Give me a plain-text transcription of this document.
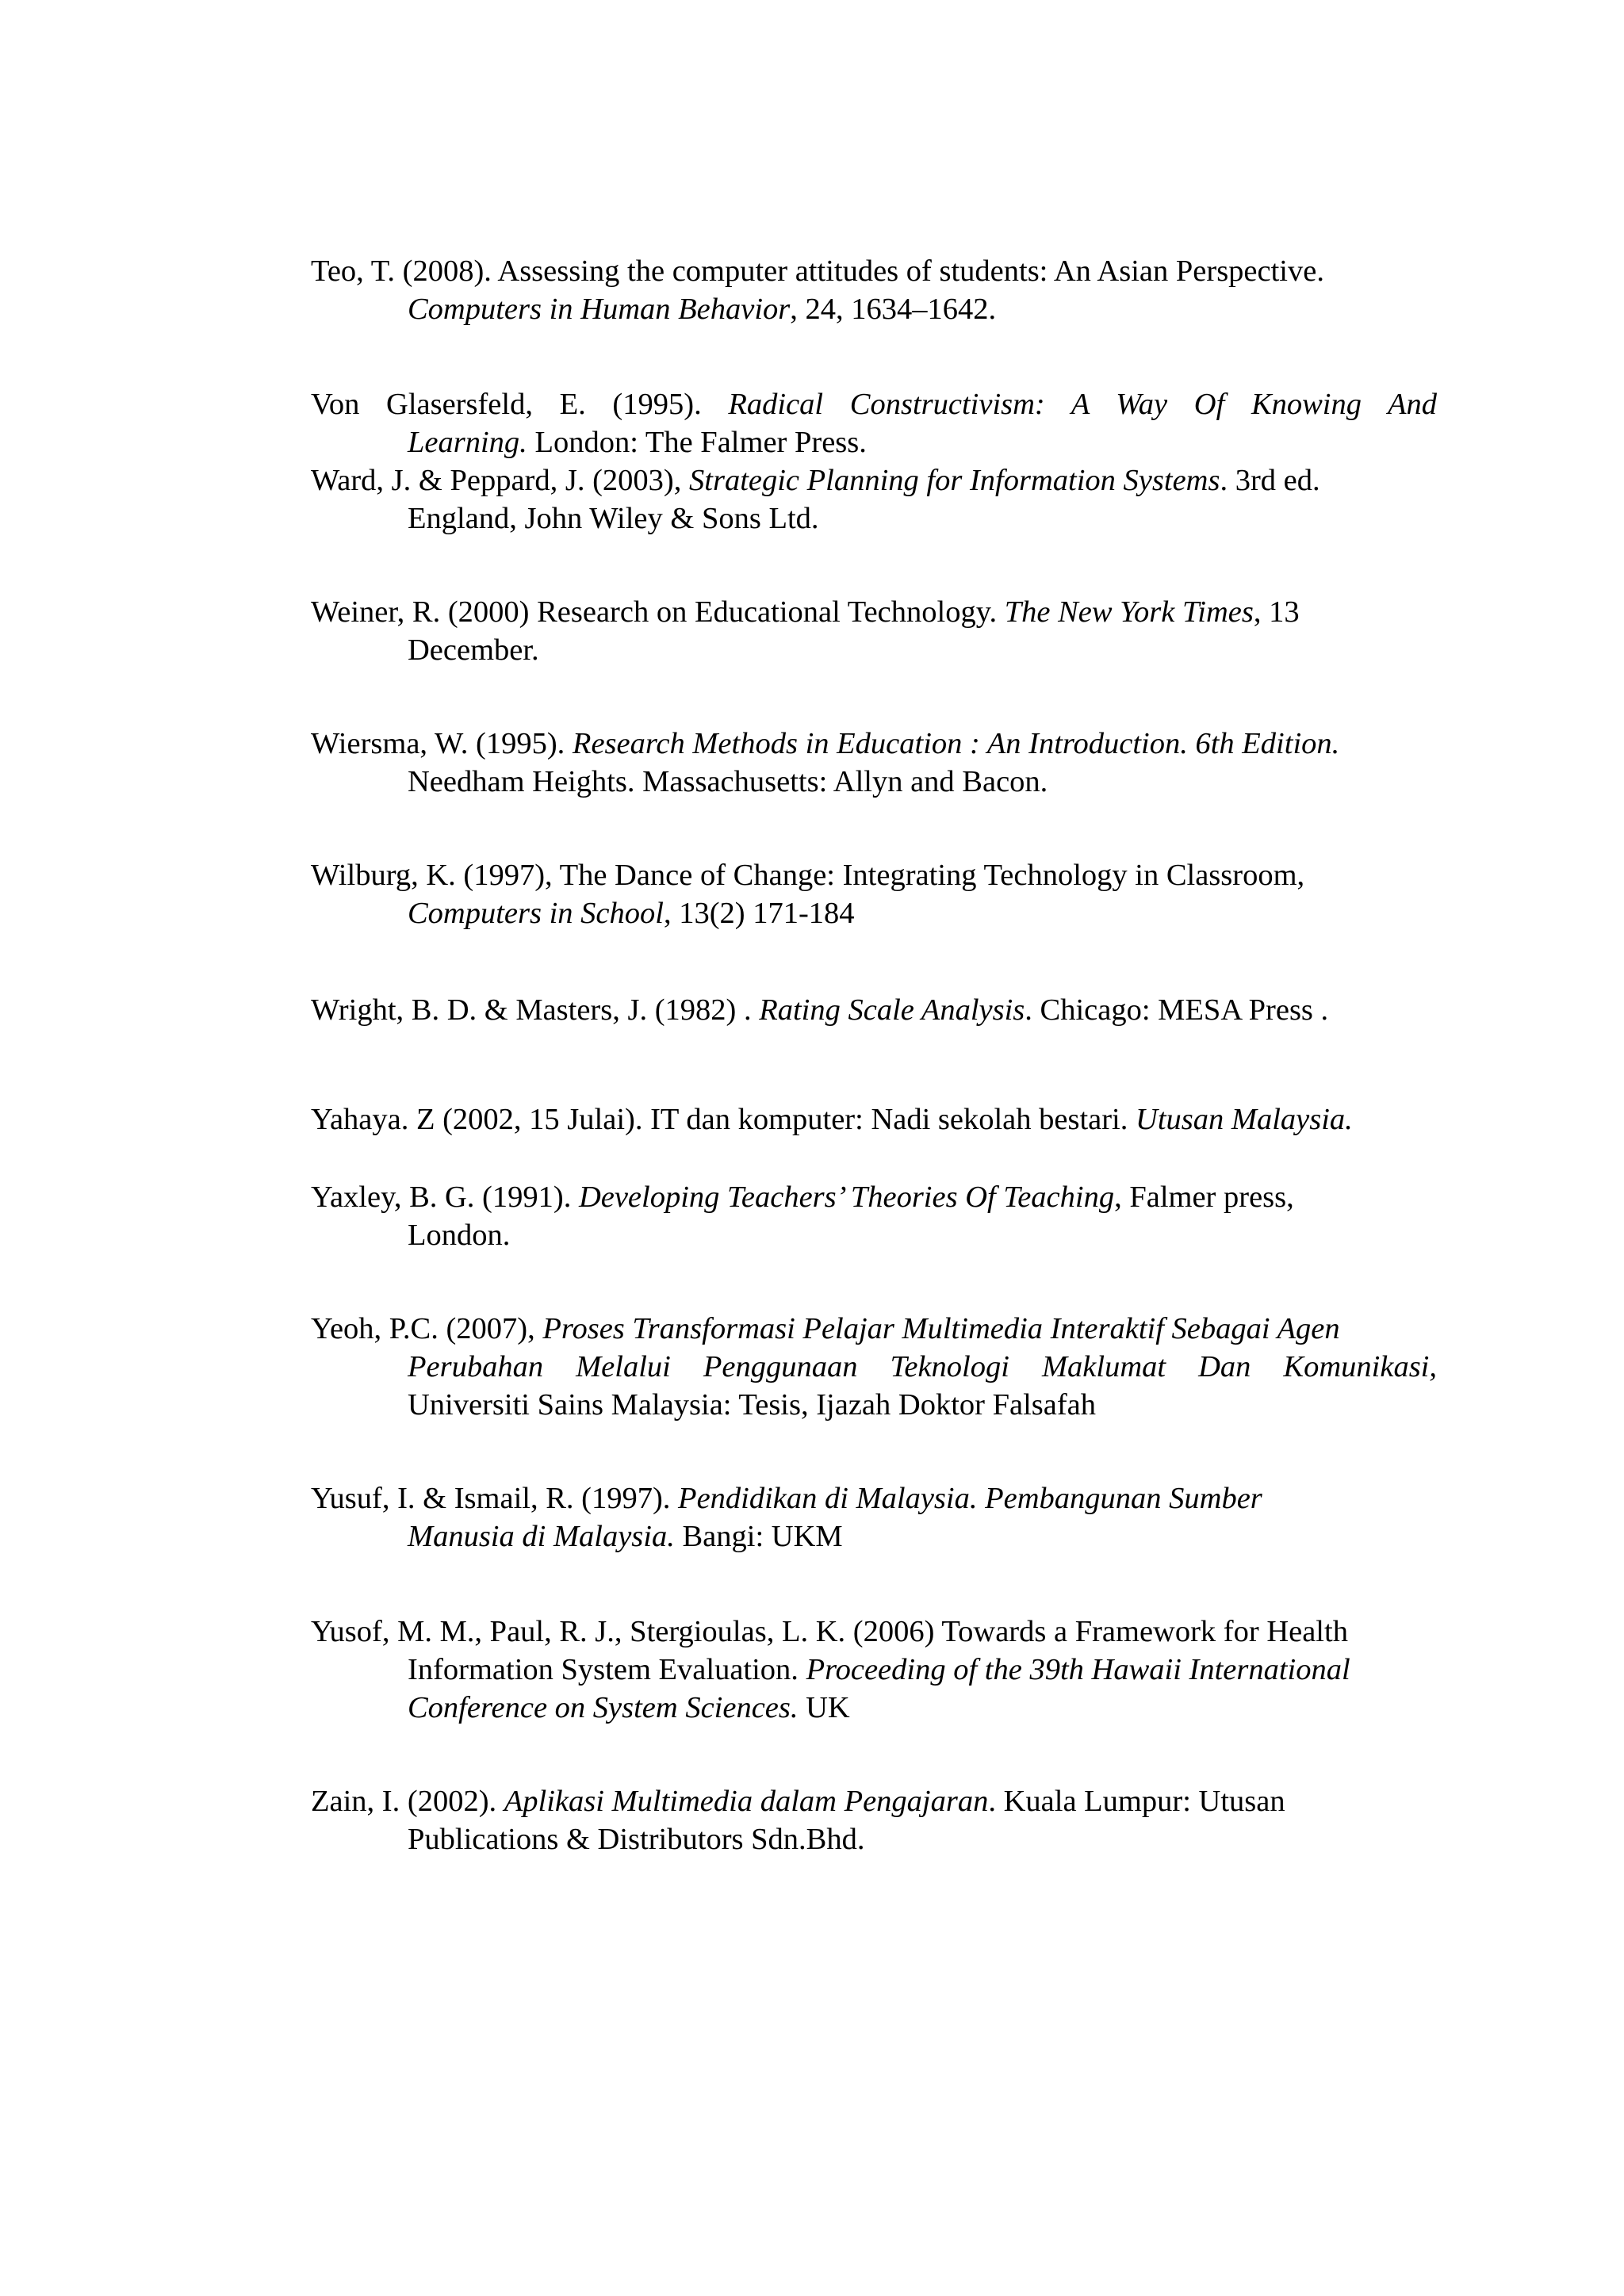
Teo, T. (2008). Assessing the computer attitudes of students: An Asian Perspective.
Computers in Human Behavior, 24, 1634–1642.
Von Glasersfeld, E. (1995). Radical Constructivism: A Way Of Knowing And
Learning. London: The Falmer Press.
Ward, J. & Peppard, J. (2003), Strategic Planning for Information Systems. 3rd ed.
England, John Wiley & Sons Ltd.
Weiner, R. (2000) Research on Educational Technology. The New York Times, 13
December.
Wiersma, W. (1995). Research Methods in Education : An Introduction. 6th Edition.
Needham Heights. Massachusetts: Allyn and Bacon.
Wilburg, K. (1997), The Dance of Change: Integrating Technology in Classroom,
Computers in School, 13(2) 171-184
Wright, B. D. & Masters, J. (1982) . Rating Scale Analysis. Chicago: MESA Press .
Yahaya. Z (2002, 15 Julai). IT dan komputer: Nadi sekolah bestari. Utusan Malaysia.
Yaxley, B. G. (1991). Developing Teachers’ Theories Of Teaching, Falmer press,
London.
Yeoh, P.C. (2007), Proses Transformasi Pelajar Multimedia Interaktif Sebagai Agen
Perubahan Melalui Penggunaan Teknologi Maklumat Dan Komunikasi,
Universiti Sains Malaysia: Tesis, Ijazah Doktor Falsafah
Yusuf, I. & Ismail, R. (1997). Pendidikan di Malaysia. Pembangunan Sumber
Manusia di Malaysia. Bangi: UKM
Yusof, M. M., Paul, R. J., Stergioulas, L. K. (2006) Towards a Framework for Health
Information System Evaluation. Proceeding of the 39th Hawaii International
Conference on System Sciences. UK
Zain, I. (2002). Aplikasi Multimedia dalam Pengajaran. Kuala Lumpur: Utusan
Publications & Distributors Sdn.Bhd.
